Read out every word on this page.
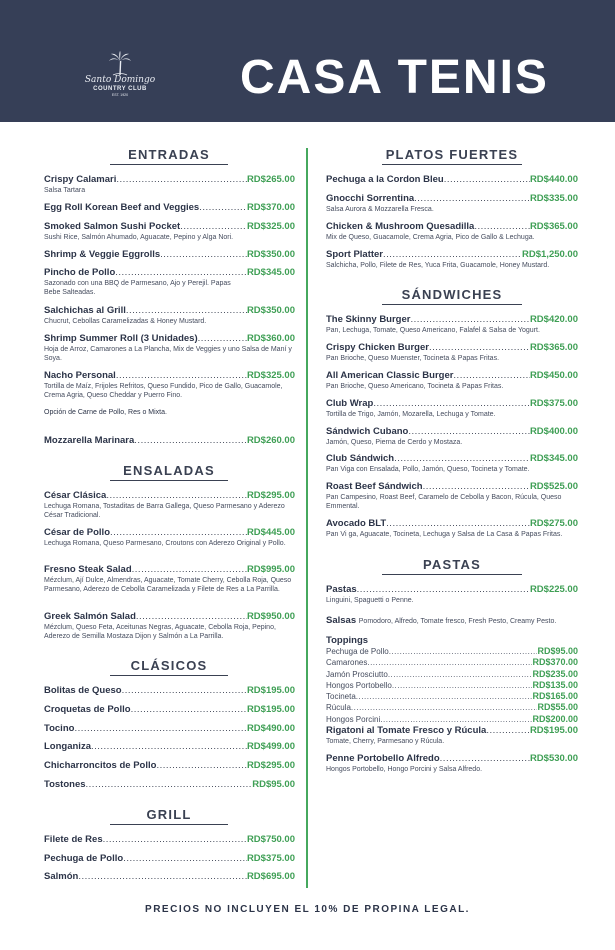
Santo Domingo
COUNTRY CLUB
EST. 1920	CASA TENIS
ENTRADAS
Crispy Calamari .....	RD$265.00
Salsa Tartara
Egg Roll Korean Beef and Veggies .....	RD$370.00
Smoked Salmon Sushi Pocket .....	RD$325.00
Sushi Rice, Salmón Ahumado, Aguacate, Pepino y Alga Nori.
Shrimp & Veggie Eggrolls .....	RD$350.00
Pincho de Pollo .....	RD$345.00
Sazonado con una BBQ de Parmesano, Ajo y Perejil. Papas Bebe Salteadas.
Salchichas al Grill .....	RD$350.00
Chucrut, Cebollas Caramelizadas & Honey Mustard.
Shrimp Summer Roll (3 Unidades) .....	RD$360.00
Hoja de Arroz, Camarones a La Plancha, Mix de Veggies y uno Salsa de Maní y Soya.
Nacho Personal .....	RD$325.00
Tortilla de Maíz, Frijoles Refritos, Queso Fundido, Pico de Gallo, Guacamole, Crema Agria, Queso Cheddar y Puerro Fino.
Opción de Carne de Pollo, Res o Mixta.
Mozzarella Marinara .....	RD$260.00
ENSALADAS
César Clásica .....	RD$295.00
Lechuga Romana, Tostaditas de Barra Gallega, Queso Parmesano y Aderezo César Tradicional.
César de Pollo .....	RD$445.00
Lechuga Romana, Queso Parmesano, Croutons con Aderezo Original y Pollo.
Fresno Steak Salad .....	RD$995.00
Mézclum, Ají Dulce, Almendras, Aguacate, Tomate Cherry, Cebolla Roja, Queso Parmesano, Aderezo de Cebolla Caramelizada y Filete de Res a La Parrilla.
Greek Salmón Salad .....	RD$950.00
Mézclum, Queso Feta, Aceitunas Negras, Aguacate, Cebolla Roja, Pepino, Aderezo de Semilla Mostaza Dijon y Salmón a La Parrilla.
CLÁSICOS
Bolitas de Queso .....	RD$195.00
Croquetas de Pollo .....	RD$195.00
Tocino .....	RD$490.00
Longaniza .....	RD$499.00
Chicharroncitos de Pollo .....	RD$295.00
Tostones .....	RD$95.00
GRILL
Filete de Res .....	RD$750.00
Pechuga de Pollo .....	RD$375.00
Salmón .....	RD$695.00
PLATOS FUERTES
Pechuga a la Cordon Bleu .....	RD$440.00
Gnocchi Sorrentina .....	RD$335.00
Salsa Aurora & Mozzarella Fresca.
Chicken & Mushroom Quesadilla .....	RD$365.00
Mix de Queso, Guacamole, Crema Agria, Pico de Gallo & Lechuga.
Sport Platter .....	RD$1,250.00
Salchicha, Pollo, Filete de Res, Yuca Frita, Guacamole, Honey Mustard.
SÁNDWICHES
The Skinny Burger .....	RD$420.00
Pan, Lechuga, Tomate, Queso Americano, Falafel & Salsa de Yogurt.
Crispy Chicken Burger .....	RD$365.00
Pan Brioche, Queso Muenster, Tocineta & Papas Fritas.
All American Classic Burger .....	RD$450.00
Pan Brioche, Queso Americano, Tocineta & Papas Fritas.
Club Wrap .....	RD$375.00
Tortilla de Trigo, Jamón, Mozarella, Lechuga y Tomate.
Sándwich Cubano .....	RD$400.00
Jamón, Queso, Pierna de Cerdo y Mostaza.
Club Sándwich .....	RD$345.00
Pan Viga con Ensalada, Pollo, Jamón, Queso, Tocineta y Tomate.
Roast Beef Sándwich .....	RD$525.00
Pan Campesino, Roast Beef, Caramelo de Cebolla y Bacon, Rúcula, Queso Emmental.
Avocado BLT .....	RD$275.00
Pan Vi ga, Aguacate, Tocineta, Lechuga y Salsa de La Casa & Papas Fritas.
PASTAS
Pastas .....	RD$225.00
Linguini, Spaguetti o Penne.
Salsas Pomodoro, Alfredo, Tomate fresco, Fresh Pesto, Creamy Pesto.
Toppings
Pechuga de Pollo .....	RD$95.00
Camarones .....	RD$370.00
Jamón Prosciutto .....	RD$235.00
Hongos Portobello .....	RD$135.00
Tocineta .....	RD$165.00
Rúcula .....	RD$55.00
Hongos Porcini .....	RD$200.00
Rigatoni al Tomate Fresco y Rúcula .....	RD$195.00
Tomate, Cherry, Parmesano y Rúcula.
Penne Portobello Alfredo .....	RD$530.00
Hongos Portobello, Hongo Porcini y Salsa Alfredo.
PRECIOS NO INCLUYEN EL 10% DE PROPINA LEGAL.
